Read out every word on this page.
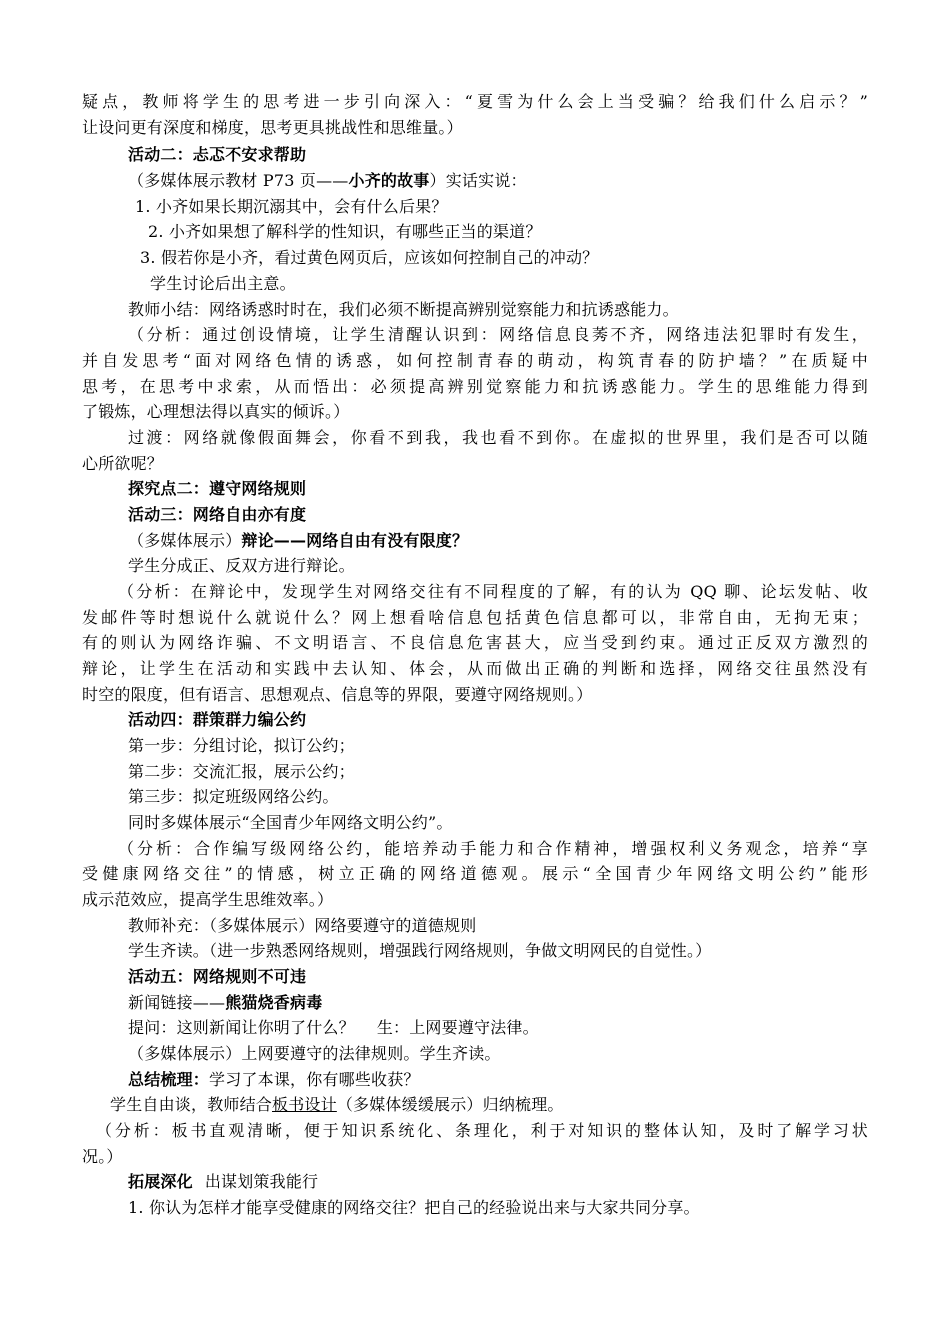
疑点，教师将学生的思考进一步引向深入：“夏雪为什么会上当受骗？给我们什么启示？”
让设问更有深度和梯度，思考更具挑战性和思维量。）
活动二：忐忑不安求帮助
（多媒体展示教材 P73 页——小齐的故事）实话实说：
1. 小齐如果长期沉溺其中，会有什么后果？
2. 小齐如果想了解科学的性知识，有哪些正当的渠道？
3. 假若你是小齐，看过黄色网页后，应该如何控制自己的冲动？
学生讨论后出主意。
教师小结：网络诱惑时时在，我们必须不断提高辨别觉察能力和抗诱惑能力。
（分析：通过创设情境，让学生清醒认识到：网络信息良莠不齐，网络违法犯罪时有发生，
并自发思考“面对网络色情的诱惑，如何控制青春的萌动，构筑青春的防护墙？”在质疑中
思考，在思考中求索，从而悟出：必须提高辨别觉察能力和抗诱惑能力。学生的思维能力得到
了锻炼，心理想法得以真实的倾诉。）
过渡：网络就像假面舞会，你看不到我，我也看不到你。在虚拟的世界里，我们是否可以随
心所欲呢？
探究点二：遵守网络规则
活动三：网络自由亦有度
（多媒体展示）辩论——网络自由有没有限度？
学生分成正、反双方进行辩论。
（分析：在辩论中，发现学生对网络交往有不同程度的了解，有的认为 QQ 聊、论坛发帖、收
发邮件等时想说什么就说什么？网上想看啥信息包括黄色信息都可以，非常自由，无拘无束；
有的则认为网络诈骗、不文明语言、不良信息危害甚大，应当受到约束。通过正反双方激烈的
辩论，让学生在活动和实践中去认知、体会，从而做出正确的判断和选择，网络交往虽然没有
时空的限度，但有语言、思想观点、信息等的界限，要遵守网络规则。）
活动四：群策群力编公约
第一步：分组讨论，拟订公约；
第二步：交流汇报，展示公约；
第三步：拟定班级网络公约。
同时多媒体展示“全国青少年网络文明公约”。
（分析：合作编写级网络公约，能培养动手能力和合作精神，增强权利义务观念，培养“享
受健康网络交往”的情感，树立正确的网络道德观。展示“全国青少年网络文明公约”能形
成示范效应，提高学生思维效率。）
教师补充：（多媒体展示）网络要遵守的道德规则
学生齐读。（进一步熟悉网络规则，增强践行网络规则，争做文明网民的自觉性。）
活动五：网络规则不可违
新闻链接——熊猫烧香病毒
提问：这则新闻让你明了什么？ 生：上网要遵守法律。
（多媒体展示）上网要遵守的法律规则。学生齐读。
总结梳理：学习了本课，你有哪些收获？
学生自由谈，教师结合板书设计（多媒体缓缓展示）归纳梳理。
（分析：板书直观清晰，便于知识系统化、条理化，利于对知识的整体认知，及时了解学习状
况。）
拓展深化 出谋划策我能行
1. 你认为怎样才能享受健康的网络交往？把自己的经验说出来与大家共同分享。
